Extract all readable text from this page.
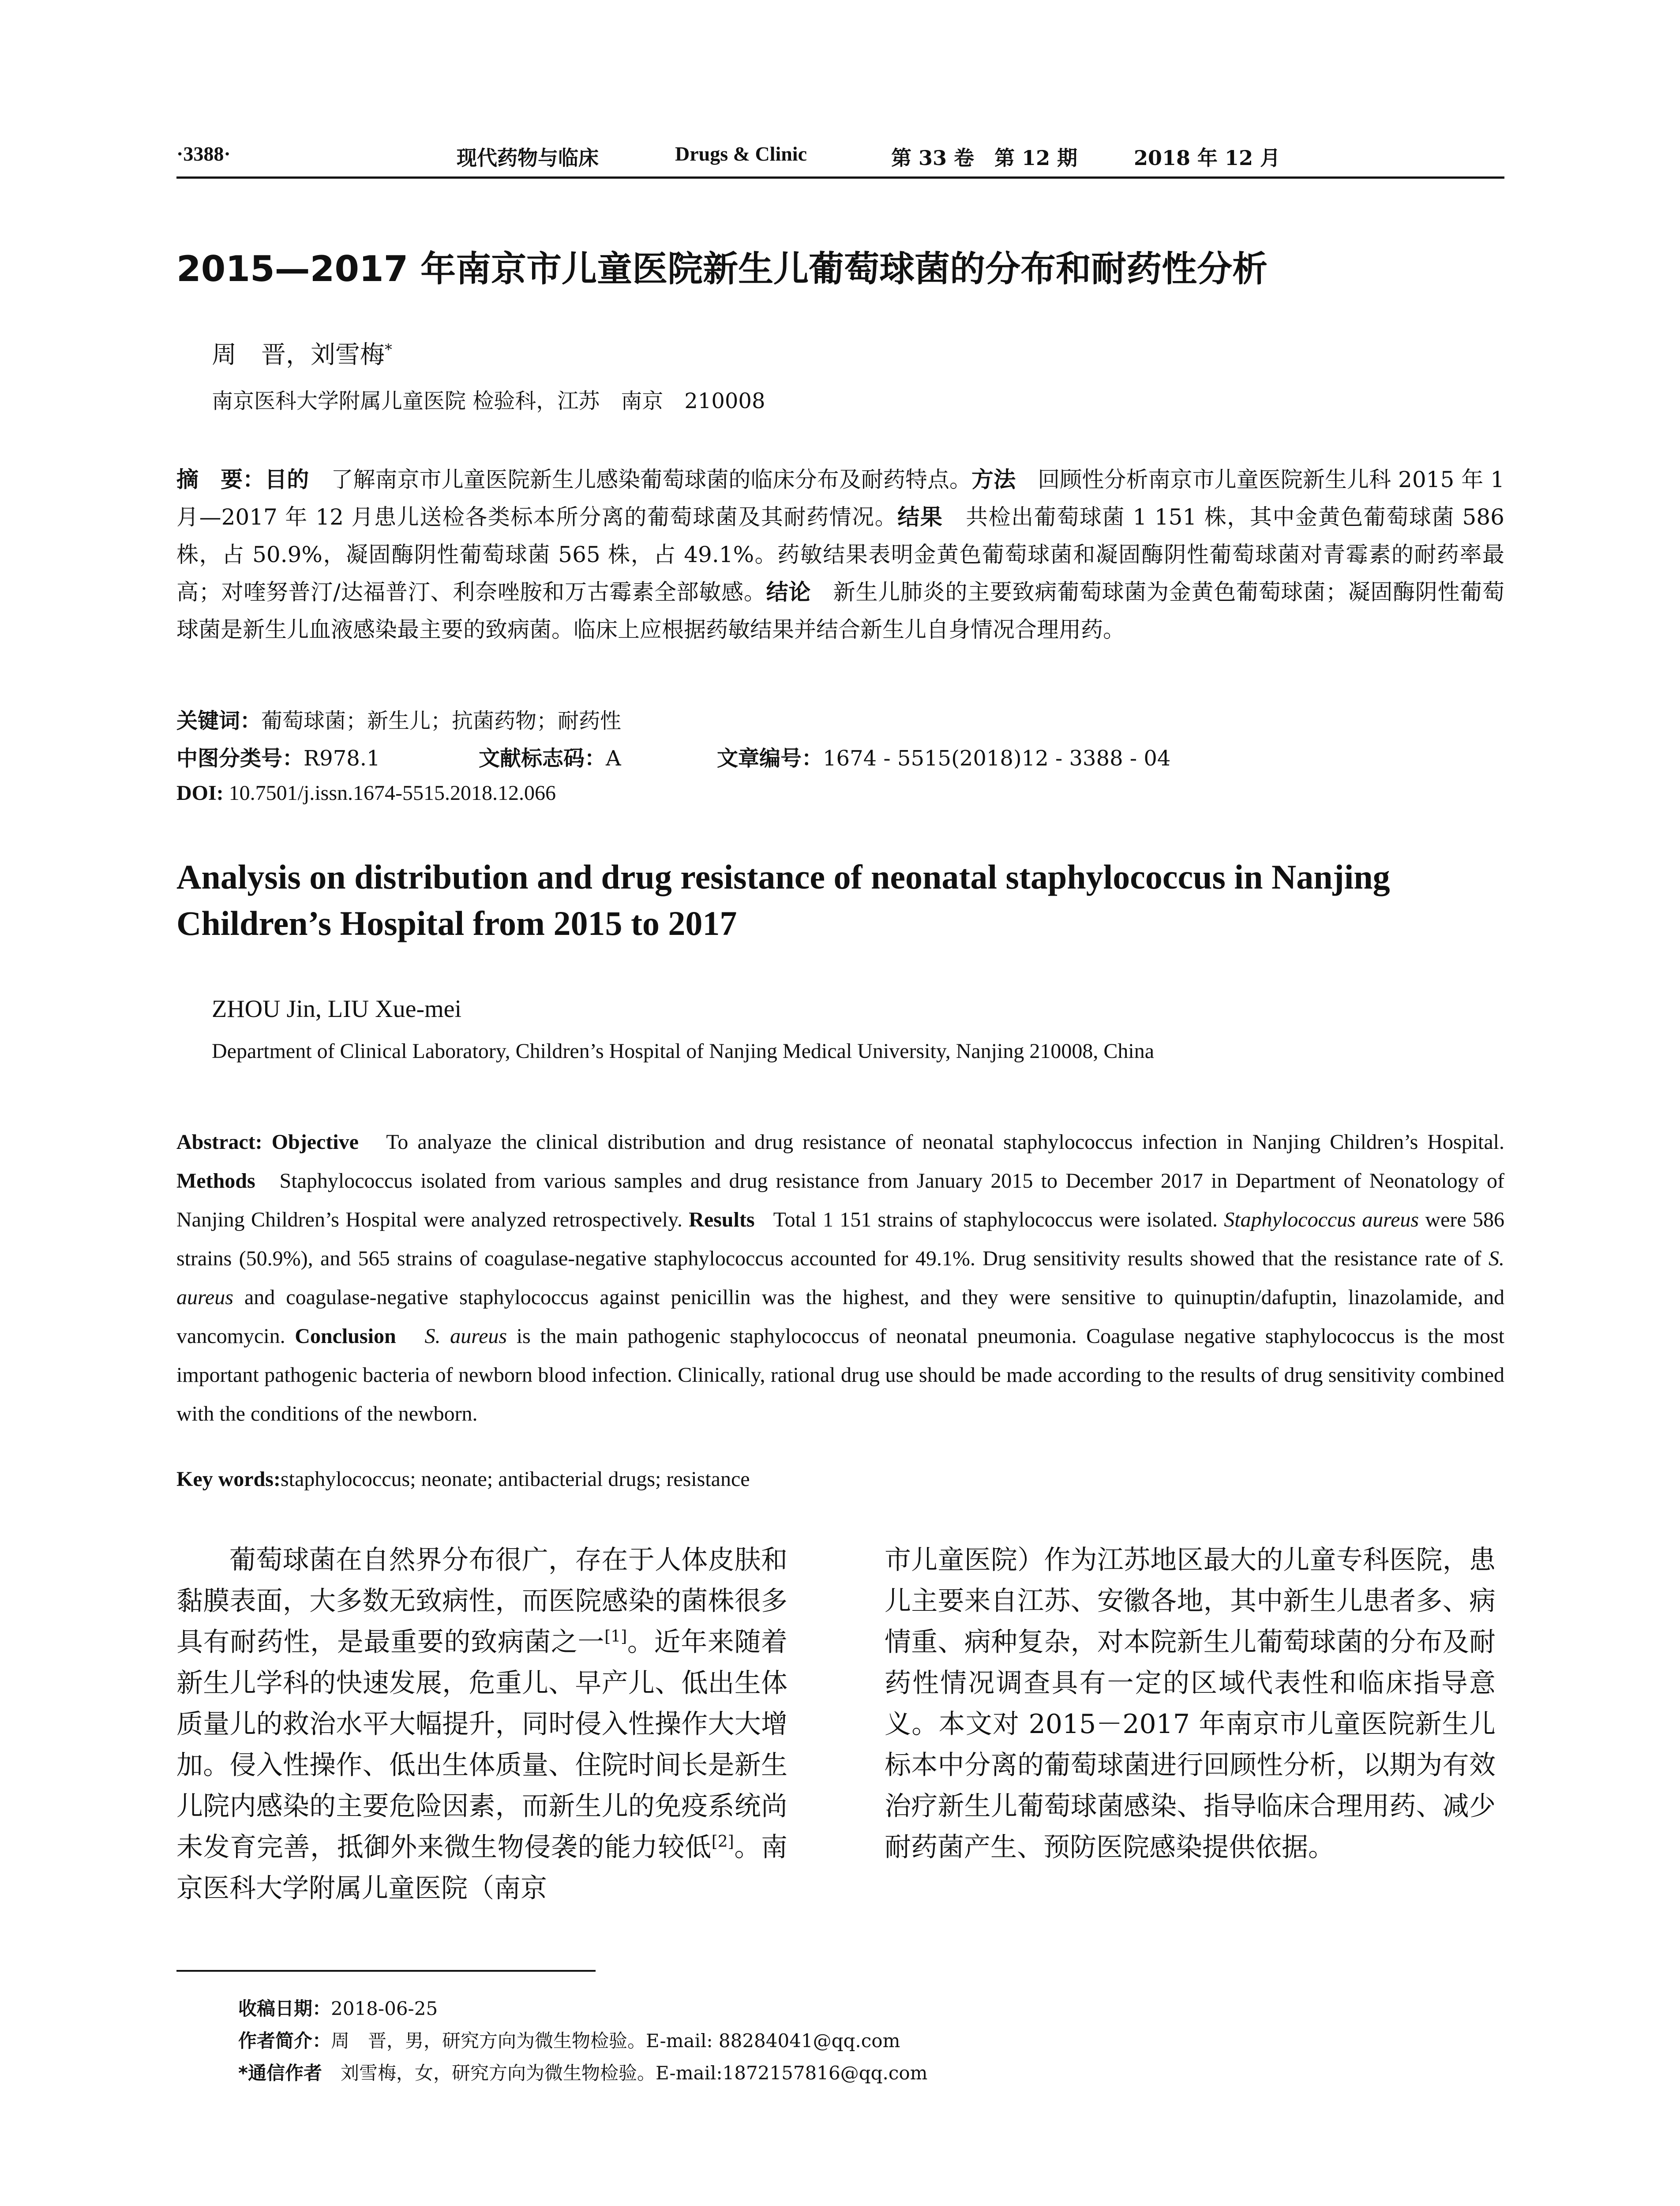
·3388·	现代药物与临床	Drugs & Clinic	第 33 卷　第 12 期	2018 年 12 月
2015—2017 年南京市儿童医院新生儿葡萄球菌的分布和耐药性分析
周　晋，刘雪梅*
南京医科大学附属儿童医院 检验科，江苏　南京　210008
摘　要：目的　 了解南京市儿童医院新生儿感染葡萄球菌的临床分布及耐药特点。方法　 回顾性分析南京市儿童医院新生儿科 2015 年 1 月—2017 年 12 月患儿送检各类标本所分离的葡萄球菌及其耐药情况。结果　 共检出葡萄球菌 1 151 株，其中金黄色葡萄球菌 586 株，占 50.9%，凝固酶阴性葡萄球菌 565 株，占 49.1%。药敏结果表明金黄色葡萄球菌和凝固酶阴性葡萄球菌对青霉素的耐药率最高；对喹努普汀/达福普汀、利奈唑胺和万古霉素全部敏感。结论　 新生儿肺炎的主要致病葡萄球菌为金黄色葡萄球菌；凝固酶阴性葡萄球菌是新生儿血液感染最主要的致病菌。临床上应根据药敏结果并结合新生儿自身情况合理用药。
关键词：葡萄球菌；新生儿；抗菌药物；耐药性
中图分类号：R978.1	文献标志码：A	文章编号：1674 - 5515(2018)12 - 3388 - 04
DOI: 10.7501/j.issn.1674-5515.2018.12.066
Analysis on distribution and drug resistance of neonatal staphylococcus in Nanjing Children’s Hospital from 2015 to 2017
ZHOU Jin, LIU Xue-mei
Department of Clinical Laboratory, Children’s Hospital of Nanjing Medical University, Nanjing 210008, China
Abstract: Objective To analyaze the clinical distribution and drug resistance of neonatal staphylococcus infection in Nanjing Children’s Hospital. Methods Staphylococcus isolated from various samples and drug resistance from January 2015 to December 2017 in Department of Neonatology of Nanjing Children’s Hospital were analyzed retrospectively. Results Total 1 151 strains of staphylococcus were isolated. Staphylococcus aureus were 586 strains (50.9%), and 565 strains of coagulase-negative staphylococcus accounted for 49.1%. Drug sensitivity results showed that the resistance rate of S. aureus and coagulase-negative staphylococcus against penicillin was the highest, and they were sensitive to quinuptin/dafuptin, linazolamide, and vancomycin. Conclusion S. aureus is the main pathogenic staphylococcus of neonatal pneumonia. Coagulase negative staphylococcus is the most important pathogenic bacteria of newborn blood infection. Clinically, rational drug use should be made according to the results of drug sensitivity combined with the conditions of the newborn.
Key words:staphylococcus; neonate; antibacterial drugs; resistance
葡萄球菌在自然界分布很广，存在于人体皮肤和黏膜表面，大多数无致病性，而医院感染的菌株很多具有耐药性，是最重要的致病菌之一[1]。近年来随着新生儿学科的快速发展，危重儿、早产儿、低出生体质量儿的救治水平大幅提升，同时侵入性操作大大增加。侵入性操作、低出生体质量、住院时间长是新生儿院内感染的主要危险因素，而新生儿的免疫系统尚未发育完善，抵御外来微生物侵袭的能力较低[2]。南京医科大学附属儿童医院（南京
市儿童医院）作为江苏地区最大的儿童专科医院，患儿主要来自江苏、安徽各地，其中新生儿患者多、病情重、病种复杂，对本院新生儿葡萄球菌的分布及耐药性情况调查具有一定的区域代表性和临床指导意义。本文对 2015－2017 年南京市儿童医院新生儿标本中分离的葡萄球菌进行回顾性分析，以期为有效治疗新生儿葡萄球菌感染、指导临床合理用药、减少耐药菌产生、预防医院感染提供依据。
收稿日期：2018-06-25
作者简介：周　晋，男，研究方向为微生物检验。E-mail: 88284041@qq.com
*通信作者　 刘雪梅，女，研究方向为微生物检验。E-mail:1872157816@qq.com
